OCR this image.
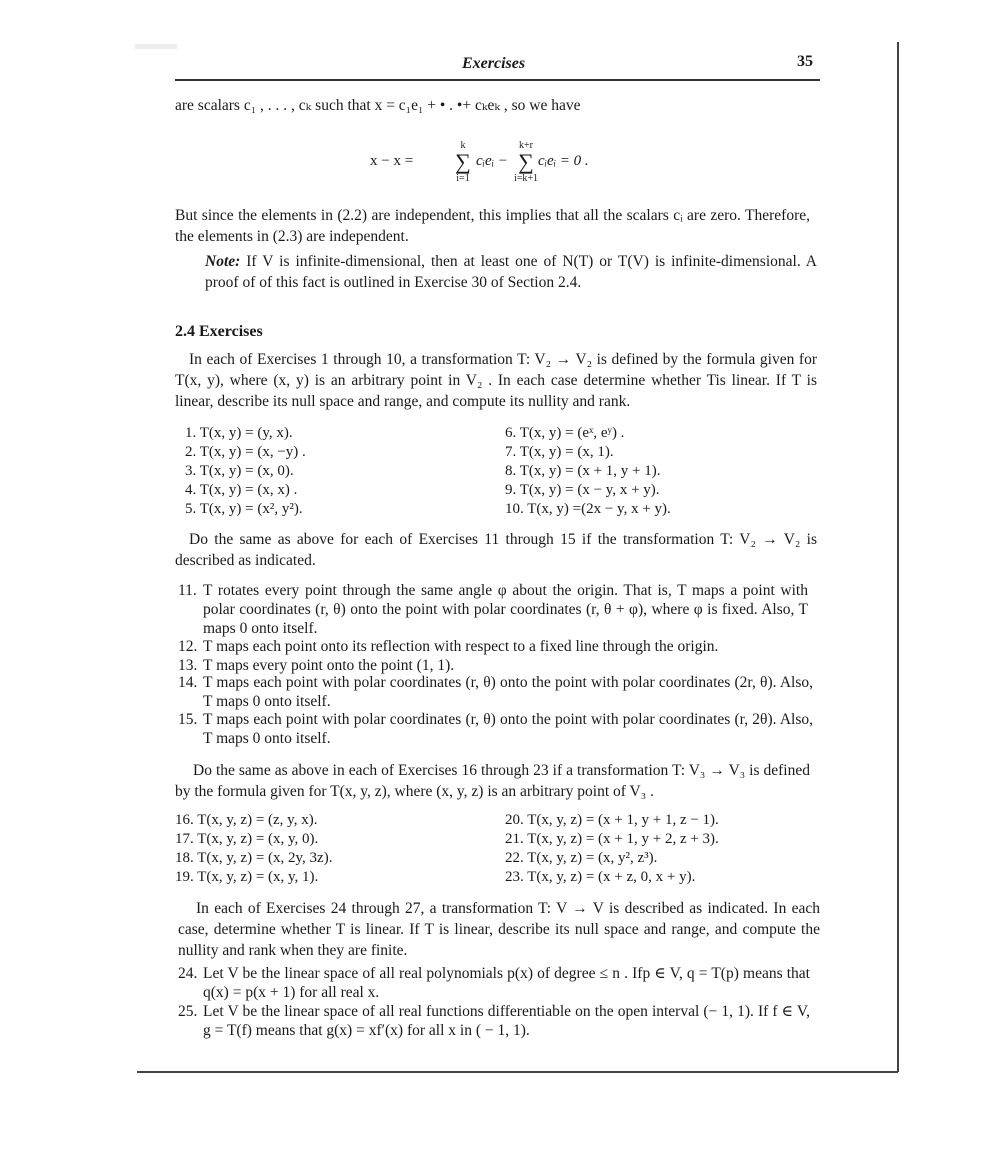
Exercises	35
are scalars c₁ , . . . , cₖ such that x = c₁e₁ + • . •+ cₖeₖ , so we have
x − x =
k
∑
i=1
cᵢeᵢ −
k+r
∑
i=k+1
cᵢeᵢ = 0 .
But since the elements in (2.2) are independent, this implies that all the scalars cᵢ are zero. Therefore, the elements in (2.3) are independent.
Note: If V is infinite-dimensional, then at least one of N(T) or T(V) is infinite-dimensional. A proof of of this fact is outlined in Exercise 30 of Section 2.4.
2.4 Exercises
In each of Exercises 1 through 10, a transformation T: V₂ → V₂ is defined by the formula given for T(x, y), where (x, y) is an arbitrary point in V₂ . In each case determine whether Tis linear. If T is linear, describe its null space and range, and compute its nullity and rank.
1. T(x, y) = (y, x).
2. T(x, y) = (x, −y) .
3. T(x, y) = (x, 0).
4. T(x, y) = (x, x) .
5. T(x, y) = (x², y²).
6. T(x, y) = (eˣ, eʸ) .
7. T(x, y) = (x, 1).
8. T(x, y) = (x + 1, y + 1).
9. T(x, y) = (x − y, x + y).
10. T(x, y) =(2x − y, x + y).
Do the same as above for each of Exercises 11 through 15 if the transformation T: V₂ → V₂ is described as indicated.
11. T rotates every point through the same angle φ about the origin. That is, T maps a point with polar coordinates (r, θ) onto the point with polar coordinates (r, θ + φ), where φ is fixed. Also, T maps 0 onto itself.
12. T maps each point onto its reflection with respect to a fixed line through the origin.
13. T maps every point onto the point (1, 1).
14. T maps each point with polar coordinates (r, θ) onto the point with polar coordinates (2r, θ). Also, T maps 0 onto itself.
15. T maps each point with polar coordinates (r, θ) onto the point with polar coordinates (r, 2θ). Also, T maps 0 onto itself.
Do the same as above in each of Exercises 16 through 23 if a transformation T: V₃ → V₃ is defined by the formula given for T(x, y, z), where (x, y, z) is an arbitrary point of V₃ .
16. T(x, y, z) = (z, y, x).
17. T(x, y, z) = (x, y, 0).
18. T(x, y, z) = (x, 2y, 3z).
19. T(x, y, z) = (x, y, 1).
20. T(x, y, z) = (x + 1, y + 1, z − 1).
21. T(x, y, z) = (x + 1, y + 2, z + 3).
22. T(x, y, z) = (x, y², z³).
23. T(x, y, z) = (x + z, 0, x + y).
In each of Exercises 24 through 27, a transformation T: V → V is described as indicated. In each case, determine whether T is linear. If T is linear, describe its null space and range, and compute the nullity and rank when they are finite.
24. Let V be the linear space of all real polynomials p(x) of degree ≤ n . Ifp ∈ V, q = T(p) means that q(x) = p(x + 1) for all real x.
25. Let V be the linear space of all real functions differentiable on the open interval (− 1, 1). If f ∈ V, g = T(f) means that g(x) = xf′(x) for all x in ( − 1, 1).
